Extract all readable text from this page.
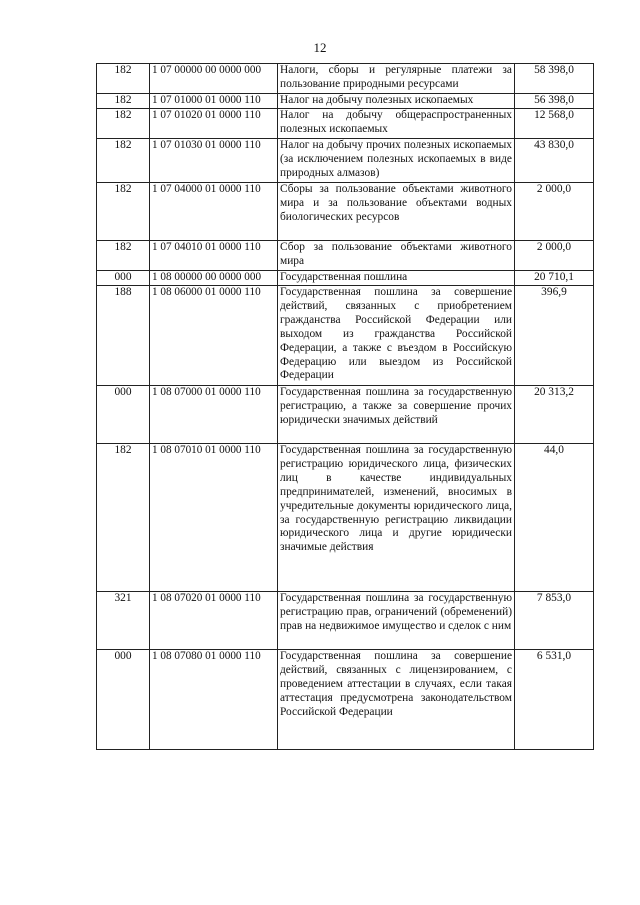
12
182	1 07 00000 00 0000 000	Налоги, сборы и регулярные платежи за пользование природными ресурсами	58 398,0
182	1 07 01000 01 0000 110	Налог на добычу полезных ископаемых	56 398,0
182	1 07 01020 01 0000 110	Налог на добычу общераспространенных полезных ископаемых	12 568,0
182	1 07 01030 01 0000 110	Налог на добычу прочих полезных ископаемых (за исключением полезных ископаемых в виде природных алмазов)	43 830,0
182	1 07 04000 01 0000 110	Сборы за пользование объектами животного мира и за пользование объектами водных биологических ресурсов	2 000,0
182	1 07 04010 01 0000 110	Сбор за пользование объектами животного мира	2 000,0
000	1 08 00000 00 0000 000	Государственная пошлина	20 710,1
188	1 08 06000 01 0000 110	Государственная пошлина за совершение действий, связанных с приобретением гражданства Российской Федерации или выходом из гражданства Российской Федерации, а также с въездом в Российскую Федерацию или выездом из Российской Федерации	396,9
000	1 08 07000 01 0000 110	Государственная пошлина за государственную регистрацию, а также за совершение прочих юридически значимых действий	20 313,2
182	1 08 07010 01 0000 110	Государственная пошлина за государственную регистрацию юридического лица, физических лиц в качестве индивидуальных предпринимателей, изменений, вносимых в учредительные документы юридического лица, за государственную регистрацию ликвидации юридического лица и другие юридически значимые действия	44,0
321	1 08 07020 01 0000 110	Государственная пошлина за государственную регистрацию прав, ограничений (обременений) прав на недвижимое имущество и сделок с ним	7 853,0
000	1 08 07080 01 0000 110	Государственная пошлина за совершение действий, связанных с лицензированием, с проведением аттестации в случаях, если такая аттестация предусмотрена законодательством Российской Федерации	6 531,0
